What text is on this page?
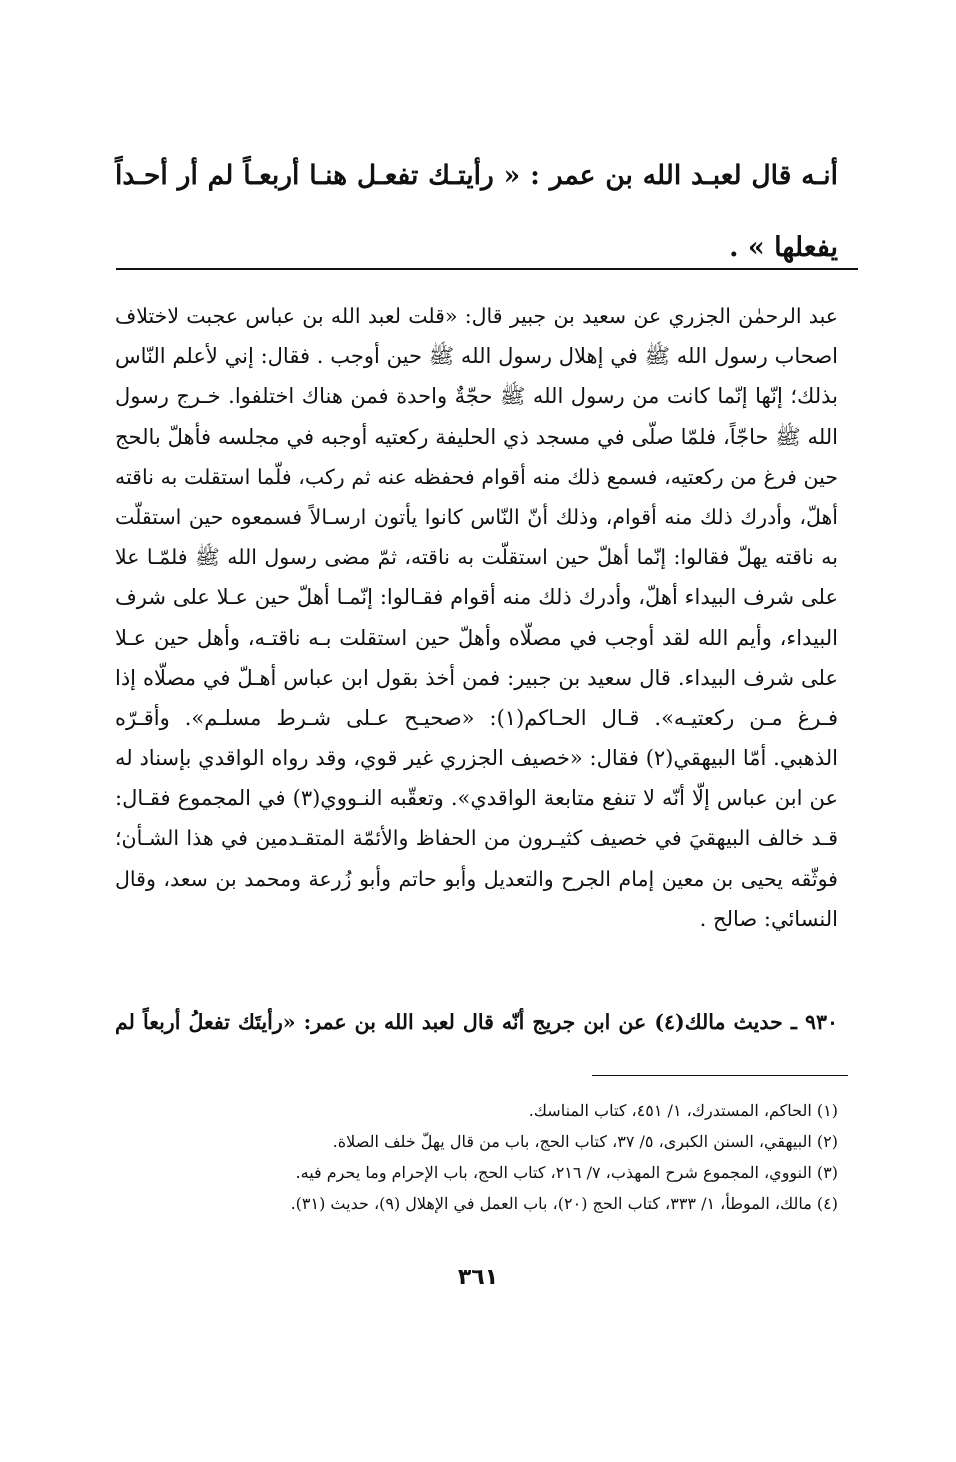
أنـه قال لعبـد الله بن عمر : « رأيتـك تفعـل هنـا أربعـاً لم أر أحـداً
يفعلها » .
عبد الرحمٰن الجزري عن سعيد بن جبير قال: «قلت لعبد الله بن عباس عجبت لاختلاف
اصحاب رسول الله ﷺ في إهلال رسول الله ﷺ حين أوجب . فقال: إني لأعلم النّاس
بذلك؛ إنّها إنّما كانت من رسول الله ﷺ حجّةٌ واحدة فمن هناك اختلفوا. خـرج رسول
الله ﷺ حاجّاً، فلمّا صلّى في مسجد ذي الحليفة ركعتيه أوجبه في مجلسه فأهلّ بالحج
حين فرغ من ركعتيه، فسمع ذلك منه أقوام فحفظه عنه ثم ركب، فلّما استقلت به ناقته
أهلّ، وأدرك ذلك منه أقوام، وذلك أنّ النّاس كانوا يأتون ارسـالاً فسمعوه حين استقلّت
به ناقته يهلّ فقالوا: إنّما أهلّ حين استقلّت به ناقته، ثمّ مضى رسول الله ﷺ فلمّـا علا
على شرف البيداء أهلّ، وأدرك ذلك منه أقوام فقـالوا: إنّمـا أهلّ حين عـلا على شرف
البيداء، وأيم الله لقد أوجب في مصلّاه وأهلّ حين استقلت بـه ناقتـه، وأهل حين عـلا
على شرف البيداء. قال سعيد بن جبير: فمن أخذ بقول ابن عباس أهـلّ في مصلّاه إذا
فـرغ مـن ركعتيـه». قـال الحـاكم(١): «صحيـح عـلى شـرط مسلـم». وأقـرّه
الذهبي. أمّا البيهقي(٢) فقال: «خصيف الجزري غير قوي، وقد رواه الواقدي بإسناد له
عن ابن عباس إلّا أنّه لا تنفع متابعة الواقدي». وتعقّبه النـووي(٣) في المجموع فقـال:
قـد خالف البيهقيَ في خصيف كثيـرون من الحفاظ والأئمّة المتقـدمين في هذا الشـأن؛
فوثّقه يحيى بن معين إمام الجرح والتعديل وأبو حاتم وأبو زُرعة ومحمد بن سعد، وقال
النسائي: صالح .
٩٣٠ ـ حديث مالك(٤) عن ابن جريج أنّه قال لعبد الله بن عمر: «رأيتَك تفعلُ أربعاً لم
(١) الحاكم، المستدرك، ١/ ٤٥١، كتاب المناسك.
(٢) البيهقي، السنن الكبرى، ٥/ ٣٧، كتاب الحج، باب من قال يهلّ خلف الصلاة.
(٣) النووي، المجموع شرح المهذب، ٧/ ٢١٦، كتاب الحج، باب الإحرام وما يحرم فيه.
(٤) مالك، الموطأ، ١/ ٣٣٣، كتاب الحج (٢٠)، باب العمل في الإهلال (٩)، حديث (٣١).
٣٦١
